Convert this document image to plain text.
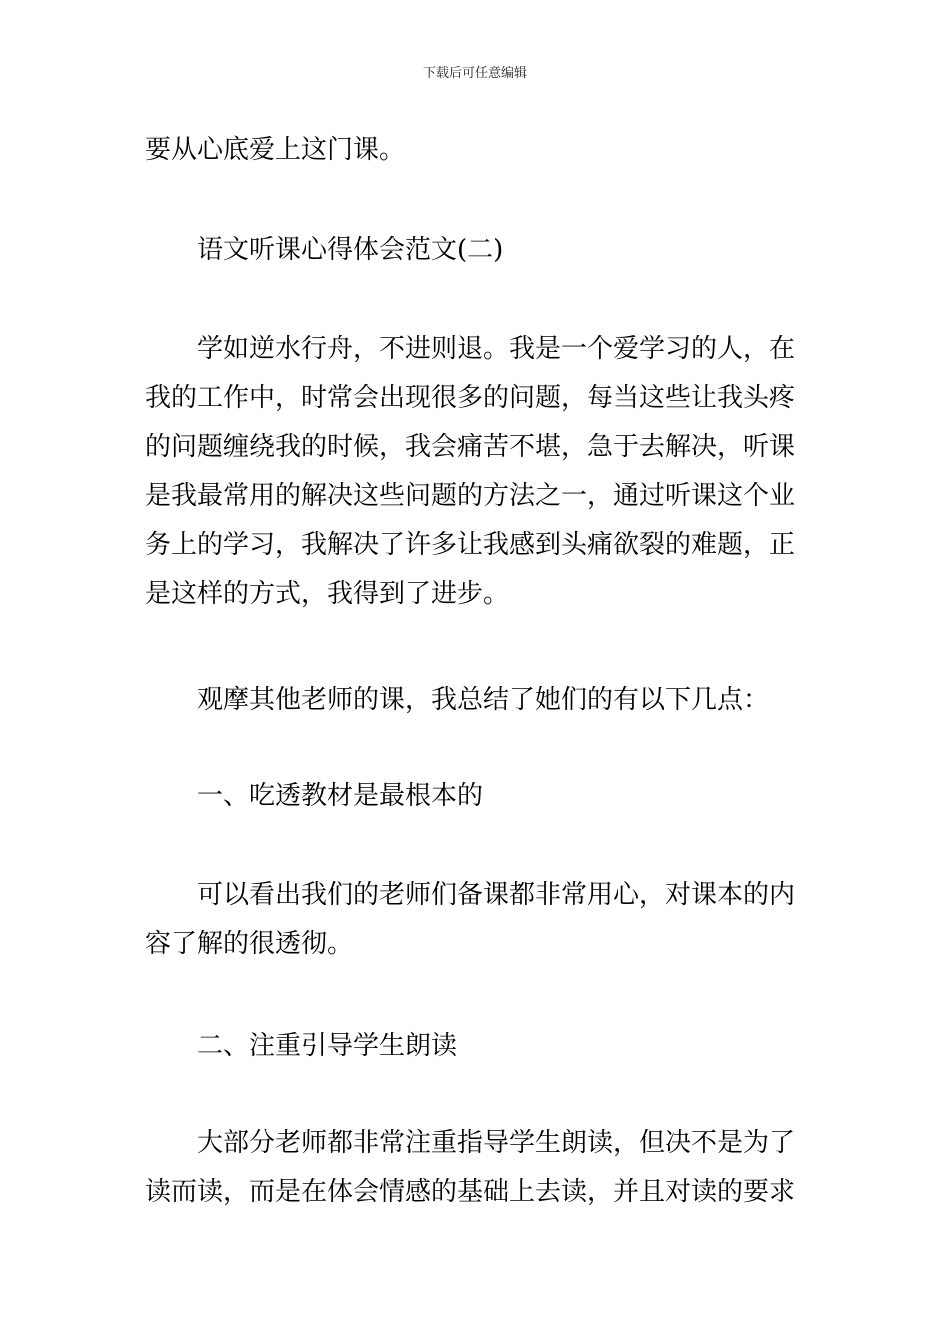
下载后可任意编辑
要从心底爱上这门课。
语文听课心得体会范文(二)
学如逆水行舟，不进则退。我是一个爱学习的人，在
我的工作中，时常会出现很多的问题，每当这些让我头疼
的问题缠绕我的时候，我会痛苦不堪，急于去解决，听课
是我最常用的解决这些问题的方法之一，通过听课这个业
务上的学习，我解决了许多让我感到头痛欲裂的难题，正
是这样的方式，我得到了进步。
观摩其他老师的课，我总结了她们的有以下几点：
一、吃透教材是最根本的
可以看出我们的老师们备课都非常用心，对课本的内
容了解的很透彻。
二、注重引导学生朗读
大部分老师都非常注重指导学生朗读，但决不是为了
读而读，而是在体会情感的基础上去读，并且对读的要求
